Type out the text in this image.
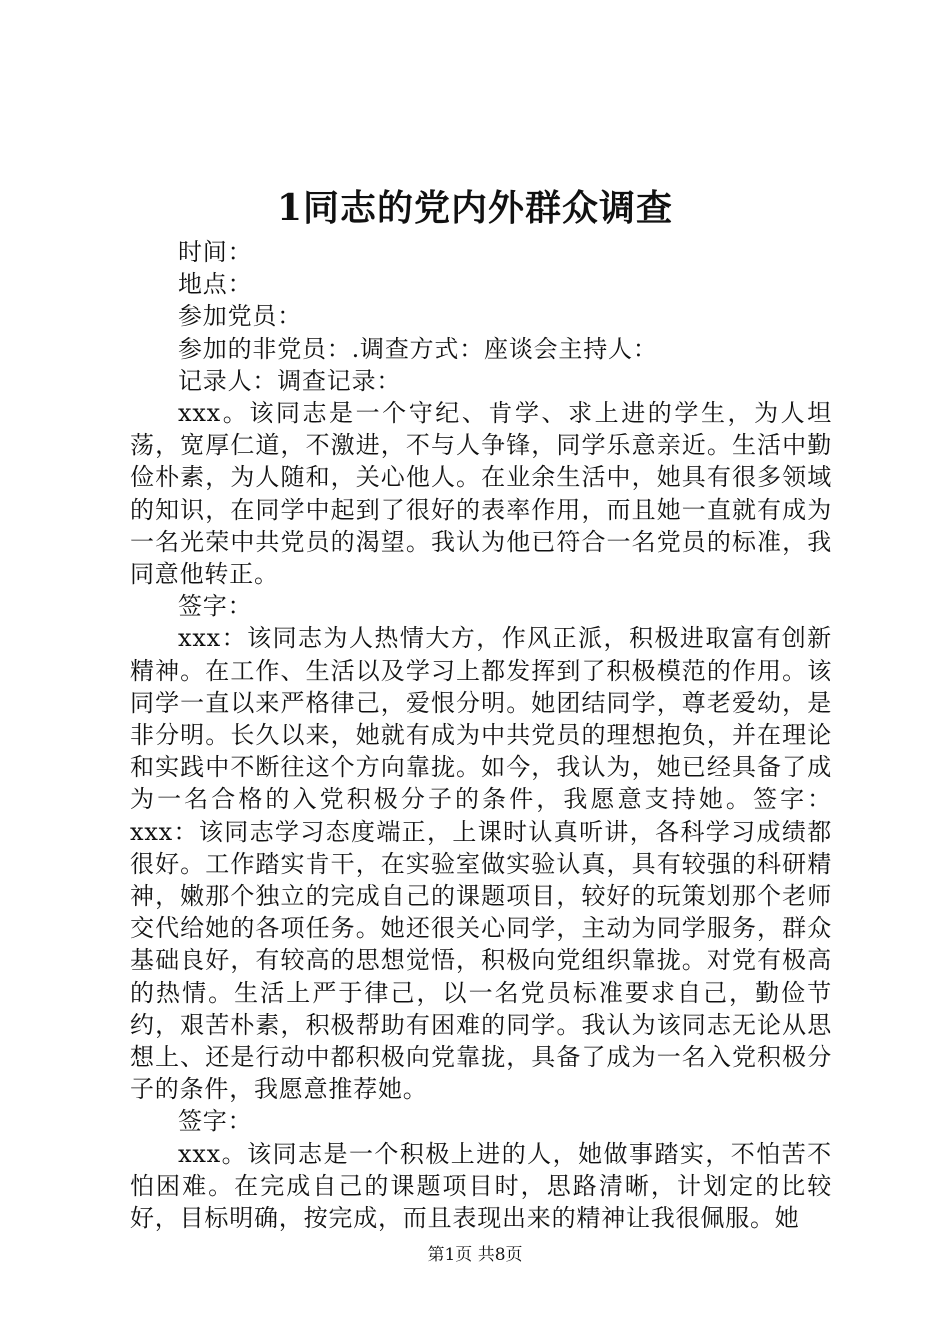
1同志的党内外群众调查

时间：

地点：

参加党员：

参加的非党员：.调查方式：座谈会主持人：

记录人：调查记录：

xxx。该同志是一个守纪、肯学、求上进的学生，为人坦荡，宽厚仁道，不激进，不与人争锋，同学乐意亲近。生活中勤俭朴素，为人随和，关心他人。在业余生活中，她具有很多领域的知识，在同学中起到了很好的表率作用，而且她一直就有成为一名光荣中共党员的渴望。我认为他已符合一名党员的标准，我同意他转正。

签字：

xxx：该同志为人热情大方，作风正派，积极进取富有创新精神。在工作、生活以及学习上都发挥到了积极模范的作用。该同学一直以来严格律己，爱恨分明。她团结同学，尊老爱幼，是非分明。长久以来，她就有成为中共党员的理想抱负，并在理论和实践中不断往这个方向靠拢。如今，我认为，她已经具备了成为一名合格的入党积极分子的条件，我愿意支持她。签字：xxx：该同志学习态度端正，上课时认真听讲，各科学习成绩都很好。工作踏实肯干，在实验室做实验认真，具有较强的科研精神，嫩那个独立的完成自己的课题项目，较好的玩策划那个老师交代给她的各项任务。她还很关心同学，主动为同学服务，群众基础良好，有较高的思想觉悟，积极向党组织靠拢。对党有极高的热情。生活上严于律己，以一名党员标准要求自己，勤俭节约，艰苦朴素，积极帮助有困难的同学。我认为该同志无论从思想上、还是行动中都积极向党靠拢，具备了成为一名入党积极分子的条件，我愿意推荐她。

签字：

xxx。该同志是一个积极上进的人，她做事踏实，不怕苦不怕困难。在完成自己的课题项目时，思路清晰，计划定的比较好，目标明确，按完成，而且表现出来的精神让我很佩服。她

第1页 共8页
